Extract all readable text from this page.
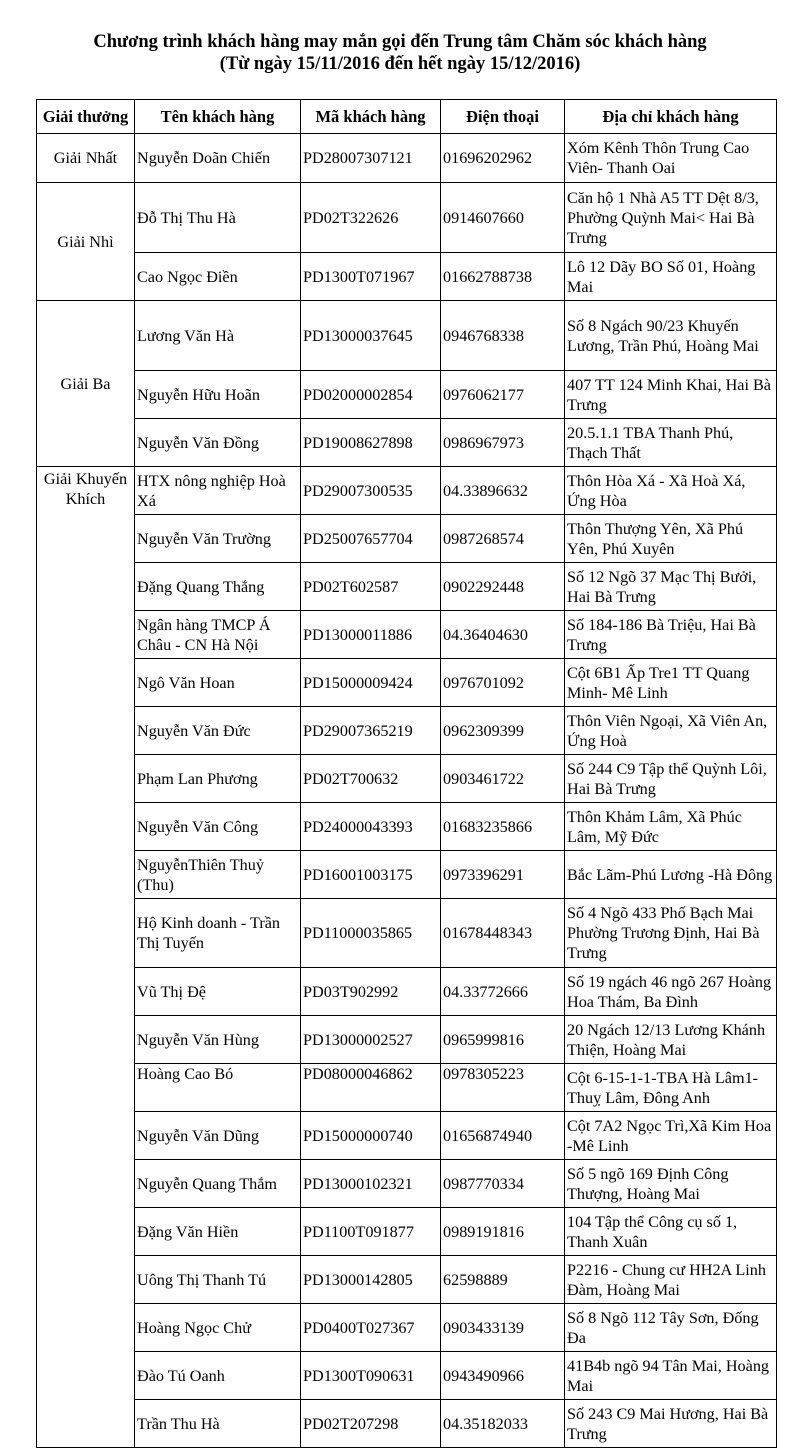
Chương trình khách hàng may mắn gọi đến Trung tâm Chăm sóc khách hàng
(Từ ngày 15/11/2016 đến hết ngày 15/12/2016)
Giải thưởng	Tên khách hàng	Mã khách hàng	Điện thoại	Địa chỉ khách hàng
Giải Nhất	Nguyễn Doãn Chiến	PD28007307121	01696202962	Xóm Kênh Thôn Trung Cao Viên- Thanh Oai
Giải Nhì	Đỗ Thị Thu Hà	PD02T322626	0914607660	Căn hộ 1 Nhà A5 TT Dệt 8/3, Phường Quỳnh Mai< Hai Bà Trưng
	Cao Ngọc Điền	PD1300T071967	01662788738	Lô 12 Dãy BO Số 01, Hoàng Mai
Giải Ba	Lương Văn Hà	PD13000037645	0946768338	Số 8 Ngách 90/23 Khuyến Lương, Trần Phú, Hoàng Mai
	Nguyễn Hữu Hoãn	PD02000002854	0976062177	407 TT 124 Minh Khai, Hai Bà Trưng
	Nguyễn Văn Đồng	PD19008627898	0986967973	20.5.1.1 TBA Thanh Phú, Thạch Thất
Giải Khuyến Khích	HTX nông nghiệp Hoà Xá	PD29007300535	04.33896632	Thôn Hòa Xá - Xã Hoà Xá, Ứng Hòa
	Nguyễn Văn Trường	PD25007657704	0987268574	Thôn Thượng Yên, Xã Phú Yên, Phú Xuyên
	Đặng Quang Thắng	PD02T602587	0902292448	Số 12 Ngõ 37 Mạc Thị Bưởi, Hai Bà Trưng
	Ngân hàng TMCP Á Châu - CN Hà Nội	PD13000011886	04.36404630	Số 184-186 Bà Triệu, Hai Bà Trưng
	Ngô Văn Hoan	PD15000009424	0976701092	Cột 6B1 Ấp Tre1 TT Quang Minh- Mê Linh
	Nguyễn Văn Đức	PD29007365219	0962309399	Thôn Viên Ngoại, Xã Viên An, Ứng Hoà
	Phạm Lan Phương	PD02T700632	0903461722	Số 244 C9 Tập thể Quỳnh Lôi, Hai Bà Trưng
	Nguyễn Văn Công	PD24000043393	01683235866	Thôn Khảm Lâm, Xã Phúc Lâm, Mỹ Đức
	NguyễnThiên Thuỷ (Thu)	PD16001003175	0973396291	Bắc Lãm-Phú Lương -Hà Đông
	Hộ Kinh doanh - Trần Thị Tuyến	PD11000035865	01678448343	Số 4 Ngõ 433 Phố Bạch Mai Phường Trương Định, Hai Bà Trưng
	Vũ Thị Đệ	PD03T902992	04.33772666	Số 19 ngách 46 ngõ 267 Hoàng Hoa Thám, Ba Đình
	Nguyễn Văn Hùng	PD13000002527	0965999816	20 Ngách 12/13 Lương Khánh Thiện, Hoàng Mai
	Hoàng Cao Bó	PD08000046862	0978305223	Cột 6-15-1-1-TBA Hà Lâm1-Thuỵ Lâm, Đông Anh
	Nguyễn Văn Dũng	PD15000000740	01656874940	Cột 7A2 Ngọc Trì,Xã Kim Hoa -Mê Linh
	Nguyễn Quang Thắm	PD13000102321	0987770334	Số 5 ngõ 169 Định Công Thượng, Hoàng Mai
	Đặng Văn Hiền	PD1100T091877	0989191816	104 Tập thể Công cụ số 1, Thanh Xuân
	Uông Thị Thanh Tú	PD13000142805	62598889	P2216 - Chung cư HH2A Linh Đàm, Hoàng Mai
	Hoàng Ngọc Chử	PD0400T027367	0903433139	Số 8 Ngõ 112 Tây Sơn, Đống Đa
	Đào Tú Oanh	PD1300T090631	0943490966	41B4b ngõ 94 Tân Mai, Hoàng Mai
	Trần Thu Hà	PD02T207298	04.35182033	Số 243 C9 Mai Hương, Hai Bà Trưng
